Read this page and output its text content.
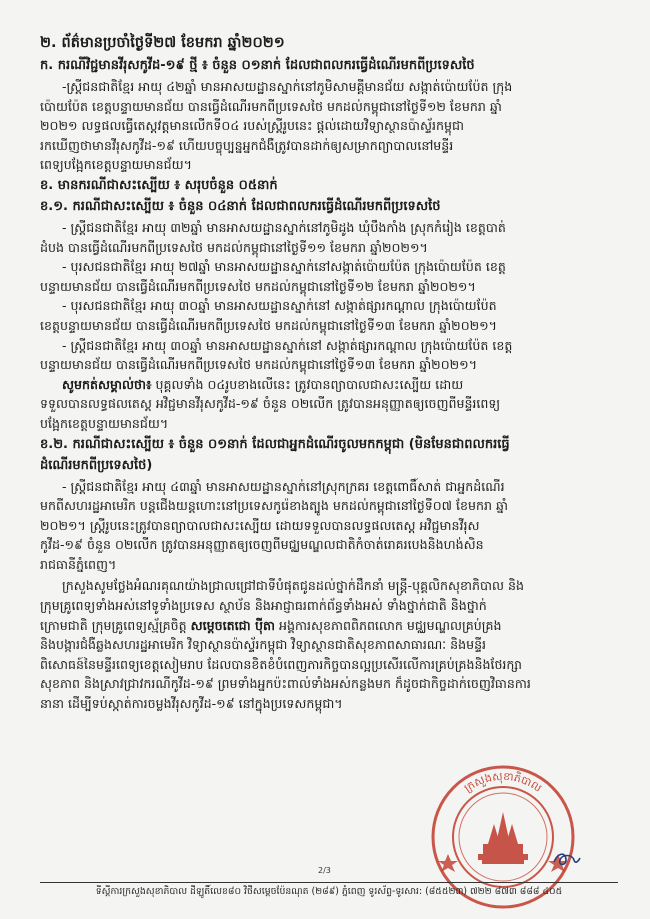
២. ព័ត៌មានប្រចាំថ្ងៃទី២៧ ខែមករា ឆ្នាំ២០២១
ក. ករណីវិជ្ជមានវីរុសកូវីដ-១៩ ថ្មី ៖ ចំនួន ០១នាក់ ដែលជាពលករធ្វើដំណើរមកពីប្រទេសថៃ

-ស្រ្តីជនជាតិខ្មែរ អាយុ ៤២ឆ្នាំ មានអាសយដ្ឋានស្នាក់នៅភូមិសាមគ្គីមានជ័យ សង្កាត់ប៉ោយប៉ែត ក្រុង

ប៉ោយប៉ែត ខេត្តបន្ទាយមានជ័យ បានធ្វើដំណើរមកពីប្រទេសថៃ មកដល់កម្ពុជានៅថ្ងៃទី១២ ខែមករា ឆ្នាំ

២០២១ លទ្ធផលធ្វើតេស្តវត្តមានលើកទី០៤ របស់ស្រ្តីរូបនេះ ផ្តល់ដោយវិទ្យាស្ថានប៉ាស្ទ័រកម្ពុជា

រកឃើញថាមានវីរុសកូវីដ-១៩ ហើយបច្ចុប្បន្នអ្នកជំងឺត្រូវបានដាក់ឲ្យសម្រាកព្យាបាលនៅមន្ទីរ

ពេទ្យបង្អែកខេត្តបន្ទាយមានជ័យ។

ខ. មានករណីជាសះស្បើយ ៖ សរុបចំនួន ០៥នាក់
ខ.១. ករណីជាសះស្បើយ ៖ ចំនួន ០៤នាក់ ដែលជាពលករធ្វើដំណើរមកពីប្រទេសថៃ

- ស្រ្តីជនជាតិខ្មែរ អាយុ ៣២ឆ្នាំ មានអាសយដ្ឋានស្នាក់នៅភូមិដូង ឃុំបឹងកាំង ស្រុកកំរៀង ខេត្តបាត់

ដំបង បានធ្វើដំណើរមកពីប្រទេសថៃ មកដល់កម្ពុជានៅថ្ងៃទី១១ ខែមករា ឆ្នាំ២០២១។

- បុរសជនជាតិខ្មែរ អាយុ ២៧ឆ្នាំ មានអាសយដ្ឋានស្នាក់នៅសង្កាត់ប៉ោយប៉ែត ក្រុងប៉ោយប៉ែត ខេត្ត

បន្ទាយមានជ័យ បានធ្វើដំណើរមកពីប្រទេសថៃ មកដល់កម្ពុជានៅថ្ងៃទី១២ ខែមករា ឆ្នាំ២០២១។

- បុរសជនជាតិខ្មែរ អាយុ ៣០ឆ្នាំ មានអាសយដ្ឋានស្នាក់នៅ សង្កាត់ផ្សារកណ្តាល ក្រុងប៉ោយប៉ែត

ខេត្តបន្ទាយមានជ័យ បានធ្វើដំណើរមកពីប្រទេសថៃ មកដល់កម្ពុជានៅថ្ងៃទី១៣ ខែមករា ឆ្នាំ២០២១។

- ស្រ្តីជនជាតិខ្មែរ អាយុ ៣០ឆ្នាំ មានអាសយដ្ឋានស្នាក់នៅ សង្កាត់ផ្សារកណ្តាល ក្រុងប៉ោយប៉ែត ខេត្ត

បន្ទាយមានជ័យ បានធ្វើដំណើរមកពីប្រទេសថៃ មកដល់កម្ពុជានៅថ្ងៃទី១៣ ខែមករា ឆ្នាំ២០២១។

សូមកត់សម្គាល់ថា៖ បុគ្គលទាំង ០៤រូបខាងលើនេះ ត្រូវបានព្យាបាលជាសះស្បើយ ដោយ

ទទួលបានលទ្ធផលតេស្ត អវិជ្ជមានវីរុសកូវីដ-១៩ ចំនួន ០២លើក ត្រូវបានអនុញ្ញាតឲ្យចេញពីមន្ទីរពេទ្យ

បង្អែកខេត្តបន្ទាយមានជ័យ។

ខ.២. ករណីជាសះស្បើយ ៖ ចំនួន ០១នាក់ ដែលជាអ្នកដំណើរចូលមកកម្ពុជា (មិនមែនជាពលករធ្វើ
ដំណើរមកពីប្រទេសថៃ)

- ស្រ្តីជនជាតិខ្មែរ អាយុ ៤៣ឆ្នាំ មានអាសយដ្ឋានស្នាក់នៅស្រុកក្រគរ ខេត្តពោធិ៍សាត់ ជាអ្នកដំណើរ

មកពីសហរដ្ឋអាមេរិក បន្តជើងយន្តហោះនៅប្រទេសកូរ៉េខាងត្បូង មកដល់កម្ពុជានៅថ្ងៃទី០៧ ខែមករា ឆ្នាំ

២០២១។ ស្រ្តីរូបនេះត្រូវបានព្យាបាលជាសះស្បើយ ដោយទទួលបានលទ្ធផលតេស្ត អវិជ្ជមានវីរុស

កូវីដ-១៩ ចំនួន ០២លើក ត្រូវបានអនុញ្ញាតឲ្យចេញពីមជ្ឈមណ្ឌលជាតិកំចាត់រោគរបេងនិងហង់សិន

រាជធានីភ្នំពេញ។

ក្រសួងសូមថ្លែងអំណរគុណយ៉ាងជ្រាលជ្រៅជាទីបំផុតជូនដល់ថ្នាក់ដឹកនាំ មន្ត្រី-បុគ្គលិកសុខាភិបាល និង

ក្រុមគ្រូពេទ្យទាំងអស់នៅទូទាំងប្រទេស ស្ថាប័ន និងអាជ្ញាធរពាក់ព័ន្ធទាំងអស់ ទាំងថ្នាក់ជាតិ និងថ្នាក់

ក្រោមជាតិ ក្រុមគ្រូពេទ្យស្ម័គ្រចិត្ត សម្តេចតេជោ ប៉ីតា អង្គការសុខភាពពិភពលោក មជ្ឈមណ្ឌលគ្រប់គ្រង

និងបង្ការជំងឺឆ្លងសហរដ្ឋអាមេរិក វិទ្យាស្ថានប៉ាស្ទ័រកម្ពុជា វិទ្យាស្ថានជាតិសុខភាពសាធារណៈ និងមន្ទីរ

ពិសោធន៍នៃមន្ទីរពេទ្យខេត្តសៀមរាប ដែលបានខិតខំបំពេញភារកិច្ចបានល្អប្រសើរលើការគ្រប់គ្រងនិងថែរក្សា

សុខភាព និងស្រាវជ្រាវករណីកូវីដ-១៩ ព្រមទាំងអ្នកប៉ះពាល់ទាំងអស់កន្លងមក ក៏ដូចជាកិច្ចដាក់ចេញវិធានការ

នានា ដើម្បីទប់ស្កាត់ការចម្លងវីរុសកូវីដ-១៩ នៅក្នុងប្រទេសកម្ពុជា។

ក្រសួងសុខាភិបាល
2/3
ទីស្តីការក្រសួងសុខាភិបាល ដីឡូតិ៍លេខ៨០ វិថីសម្តេចប៉ែនណុត (២៨៩) ភ្នំពេញ ទូរស័ព្ទ-ទូរសារ: (៨៥៥២៣) ៧២២ ៨៧៣ ៨៨៨ ៤០៥
